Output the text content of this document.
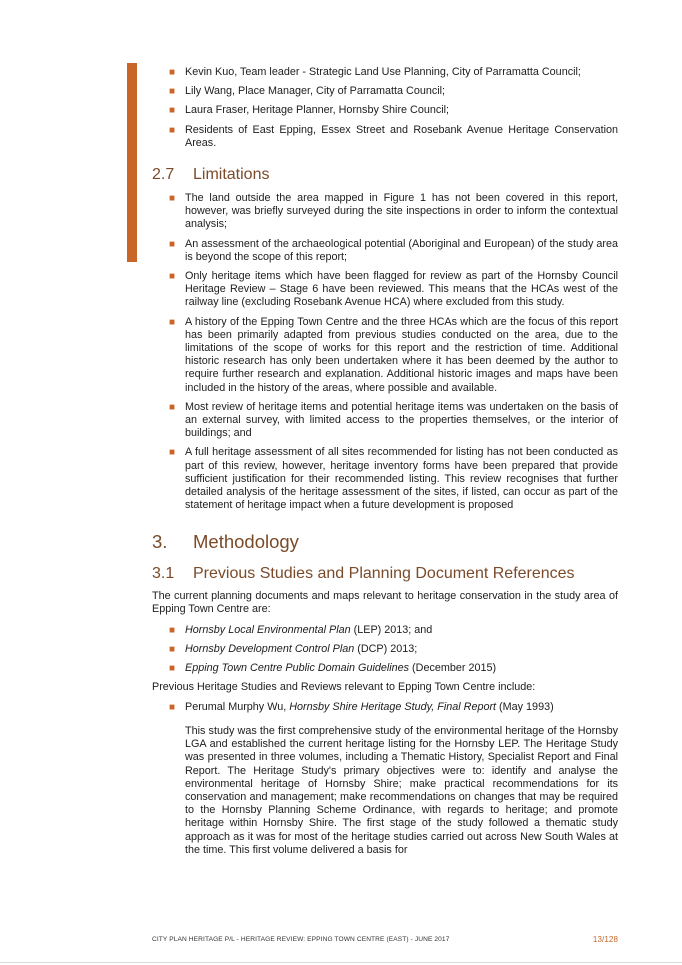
■ Kevin Kuo, Team leader - Strategic Land Use Planning, City of Parramatta Council;
■ Lily Wang, Place Manager, City of Parramatta Council;
■ Laura Fraser, Heritage Planner, Hornsby Shire Council;
■ Residents of East Epping, Essex Street and Rosebank Avenue Heritage Conservation Areas.
2.7 Limitations
■ The land outside the area mapped in Figure 1 has not been covered in this report, however, was briefly surveyed during the site inspections in order to inform the contextual analysis;
■ An assessment of the archaeological potential (Aboriginal and European) of the study area is beyond the scope of this report;
■ Only heritage items which have been flagged for review as part of the Hornsby Council Heritage Review – Stage 6 have been reviewed. This means that the HCAs west of the railway line (excluding Rosebank Avenue HCA) where excluded from this study.
■ A history of the Epping Town Centre and the three HCAs which are the focus of this report has been primarily adapted from previous studies conducted on the area, due to the limitations of the scope of works for this report and the restriction of time. Additional historic research has only been undertaken where it has been deemed by the author to require further research and explanation. Additional historic images and maps have been included in the history of the areas, where possible and available.
■ Most review of heritage items and potential heritage items was undertaken on the basis of an external survey, with limited access to the properties themselves, or the interior of buildings; and
■ A full heritage assessment of all sites recommended for listing has not been conducted as part of this review, however, heritage inventory forms have been prepared that provide sufficient justification for their recommended listing. This review recognises that further detailed analysis of the heritage assessment of the sites, if listed, can occur as part of the statement of heritage impact when a future development is proposed
3. Methodology
3.1 Previous Studies and Planning Document References

The current planning documents and maps relevant to heritage conservation in the study area of Epping Town Centre are:

■ Hornsby Local Environmental Plan (LEP) 2013; and
■ Hornsby Development Control Plan (DCP) 2013;
■ Epping Town Centre Public Domain Guidelines (December 2015)

Previous Heritage Studies and Reviews relevant to Epping Town Centre include:

■ Perumal Murphy Wu, Hornsby Shire Heritage Study, Final Report (May 1993)
This study was the first comprehensive study of the environmental heritage of the Hornsby LGA and established the current heritage listing for the Hornsby LEP. The Heritage Study was presented in three volumes, including a Thematic History, Specialist Report and Final Report. The Heritage Study's primary objectives were to: identify and analyse the environmental heritage of Hornsby Shire; make practical recommendations for its conservation and management; make recommendations on changes that may be required to the Hornsby Planning Scheme Ordinance, with regards to heritage; and promote heritage within Hornsby Shire. The first stage of the study followed a thematic study approach as it was for most of the heritage studies carried out across New South Wales at the time. This first volume delivered a basis for
CITY PLAN HERITAGE P/L - HERITAGE REVIEW: EPPING TOWN CENTRE (EAST) - JUNE 2017	13/128
